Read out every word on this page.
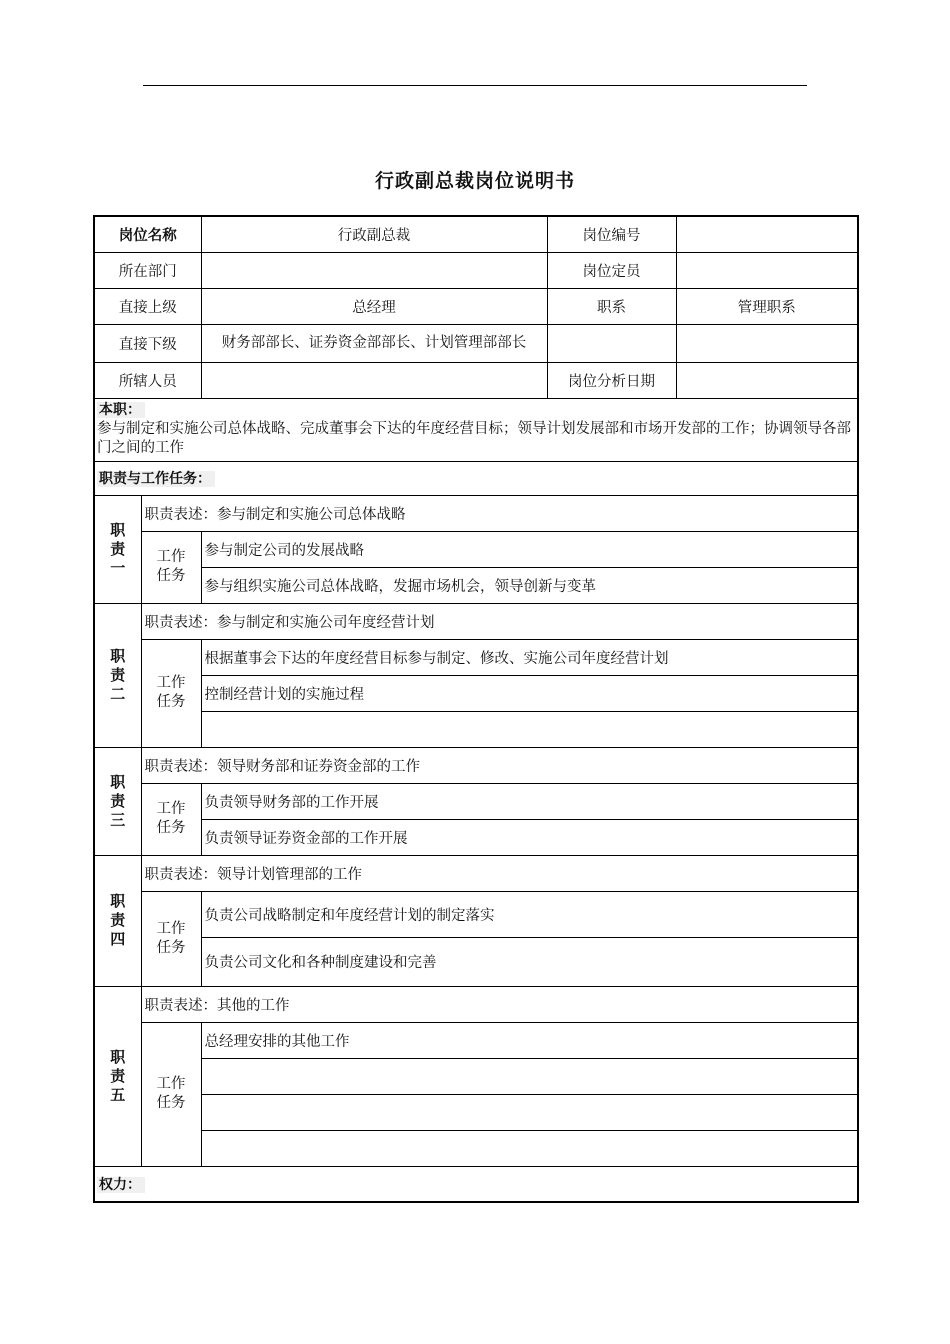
行政副总裁岗位说明书
岗位名称		行政副总裁	岗位编号	
所在部门			岗位定员	
直接上级		总经理	职系	管理职系
直接下级		财务部部长、证券资金部部长、计划管理部部长		
所辖人员			岗位分析日期	
本职：
参与制定和实施公司总体战略、完成董事会下达的年度经营目标；领导计划发展部和市场开发部的工作；协调领导各部门之间的工作				
职责与工作任务：				
职责一	职责表述：参与制定和实施公司总体战略			
	工作任务	参与制定公司的发展战略		
		参与组织实施公司总体战略，发掘市场机会，领导创新与变革		
职责二	职责表述：参与制定和实施公司年度经营计划			
	工作任务	根据董事会下达的年度经营目标参与制定、修改、实施公司年度经营计划		
		控制经营计划的实施过程		

职责三	职责表述：领导财务部和证券资金部的工作			
	工作任务	负责领导财务部的工作开展		
		负责领导证券资金部的工作开展		
职责四	职责表述：领导计划管理部的工作			
	工作任务	负责公司战略制定和年度经营计划的制定落实		
		负责公司文化和各种制度建设和完善		
职责五	职责表述：其他的工作			
	工作任务	总经理安排的其他工作		

权力：				
